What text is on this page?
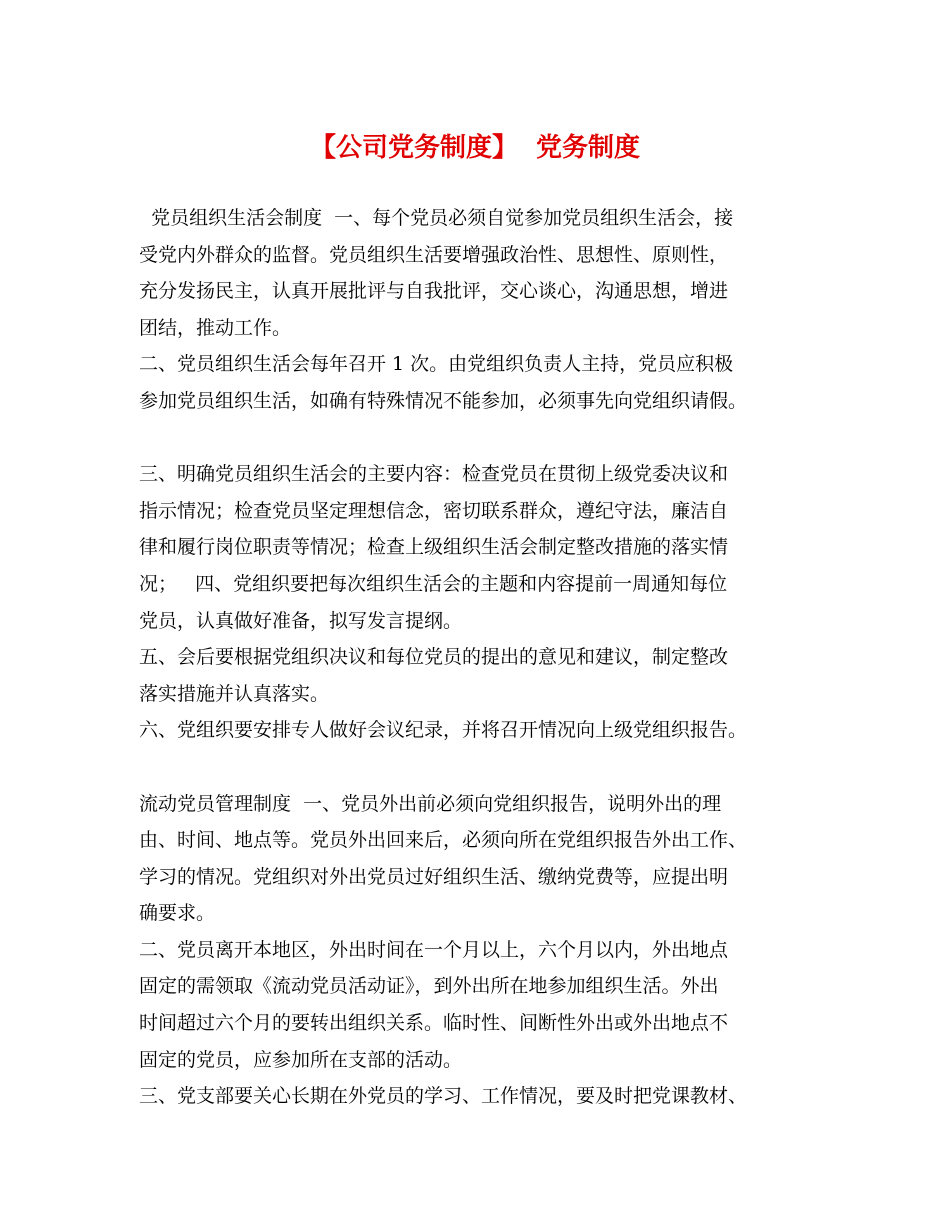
【公司党务制度】  党务制度
党员组织生活会制度  一、每个党员必须自觉参加党员组织生活会，接
受党内外群众的监督。党员组织生活要增强政治性、思想性、原则性，
充分发扬民主，认真开展批评与自我批评，交心谈心，沟通思想，增进
团结，推动工作。
二、党员组织生活会每年召开 1 次。由党组织负责人主持，党员应积极
参加党员组织生活，如确有特殊情况不能参加，必须事先向党组织请假。
三、明确党员组织生活会的主要内容：检查党员在贯彻上级党委决议和
指示情况；检查党员坚定理想信念，密切联系群众，遵纪守法，廉洁自
律和履行岗位职责等情况；检查上级组织生活会制定整改措施的落实情
况；   四、党组织要把每次组织生活会的主题和内容提前一周通知每位
党员，认真做好准备，拟写发言提纲。
五、会后要根据党组织决议和每位党员的提出的意见和建议，制定整改
落实措施并认真落实。
六、党组织要安排专人做好会议纪录，并将召开情况向上级党组织报告。
流动党员管理制度  一、党员外出前必须向党组织报告，说明外出的理
由、时间、地点等。党员外出回来后，必须向所在党组织报告外出工作、
学习的情况。党组织对外出党员过好组织生活、缴纳党费等，应提出明
确要求。
二、党员离开本地区，外出时间在一个月以上，六个月以内，外出地点
固定的需领取《流动党员活动证》，到外出所在地参加组织生活。外出
时间超过六个月的要转出组织关系。临时性、间断性外出或外出地点不
固定的党员，应参加所在支部的活动。
三、党支部要关心长期在外党员的学习、工作情况，要及时把党课教材、
